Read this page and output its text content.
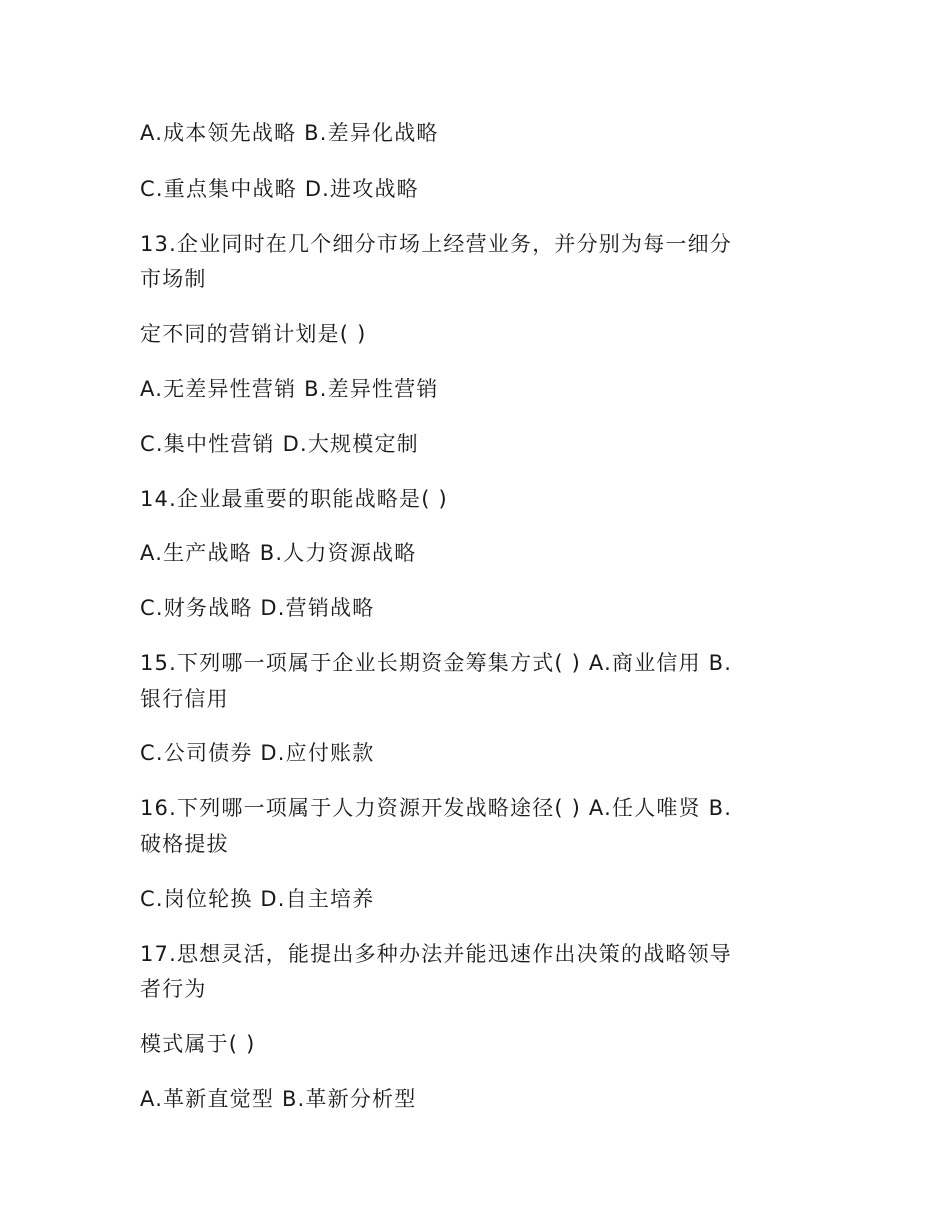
A.成本领先战略 B.差异化战略

C.重点集中战略 D.进攻战略

13.企业同时在几个细分市场上经营业务，并分别为每一细分

市场制

定不同的营销计划是( )

A.无差异性营销 B.差异性营销

C.集中性营销 D.大规模定制

14.企业最重要的职能战略是( )

A.生产战略 B.人力资源战略

C.财务战略 D.营销战略

15.下列哪一项属于企业长期资金筹集方式( ) A.商业信用 B.

银行信用

C.公司债券 D.应付账款

16.下列哪一项属于人力资源开发战略途径( ) A.任人唯贤 B.

破格提拔

C.岗位轮换 D.自主培养

17.思想灵活，能提出多种办法并能迅速作出决策的战略领导

者行为

模式属于( )

A.革新直觉型 B.革新分析型
